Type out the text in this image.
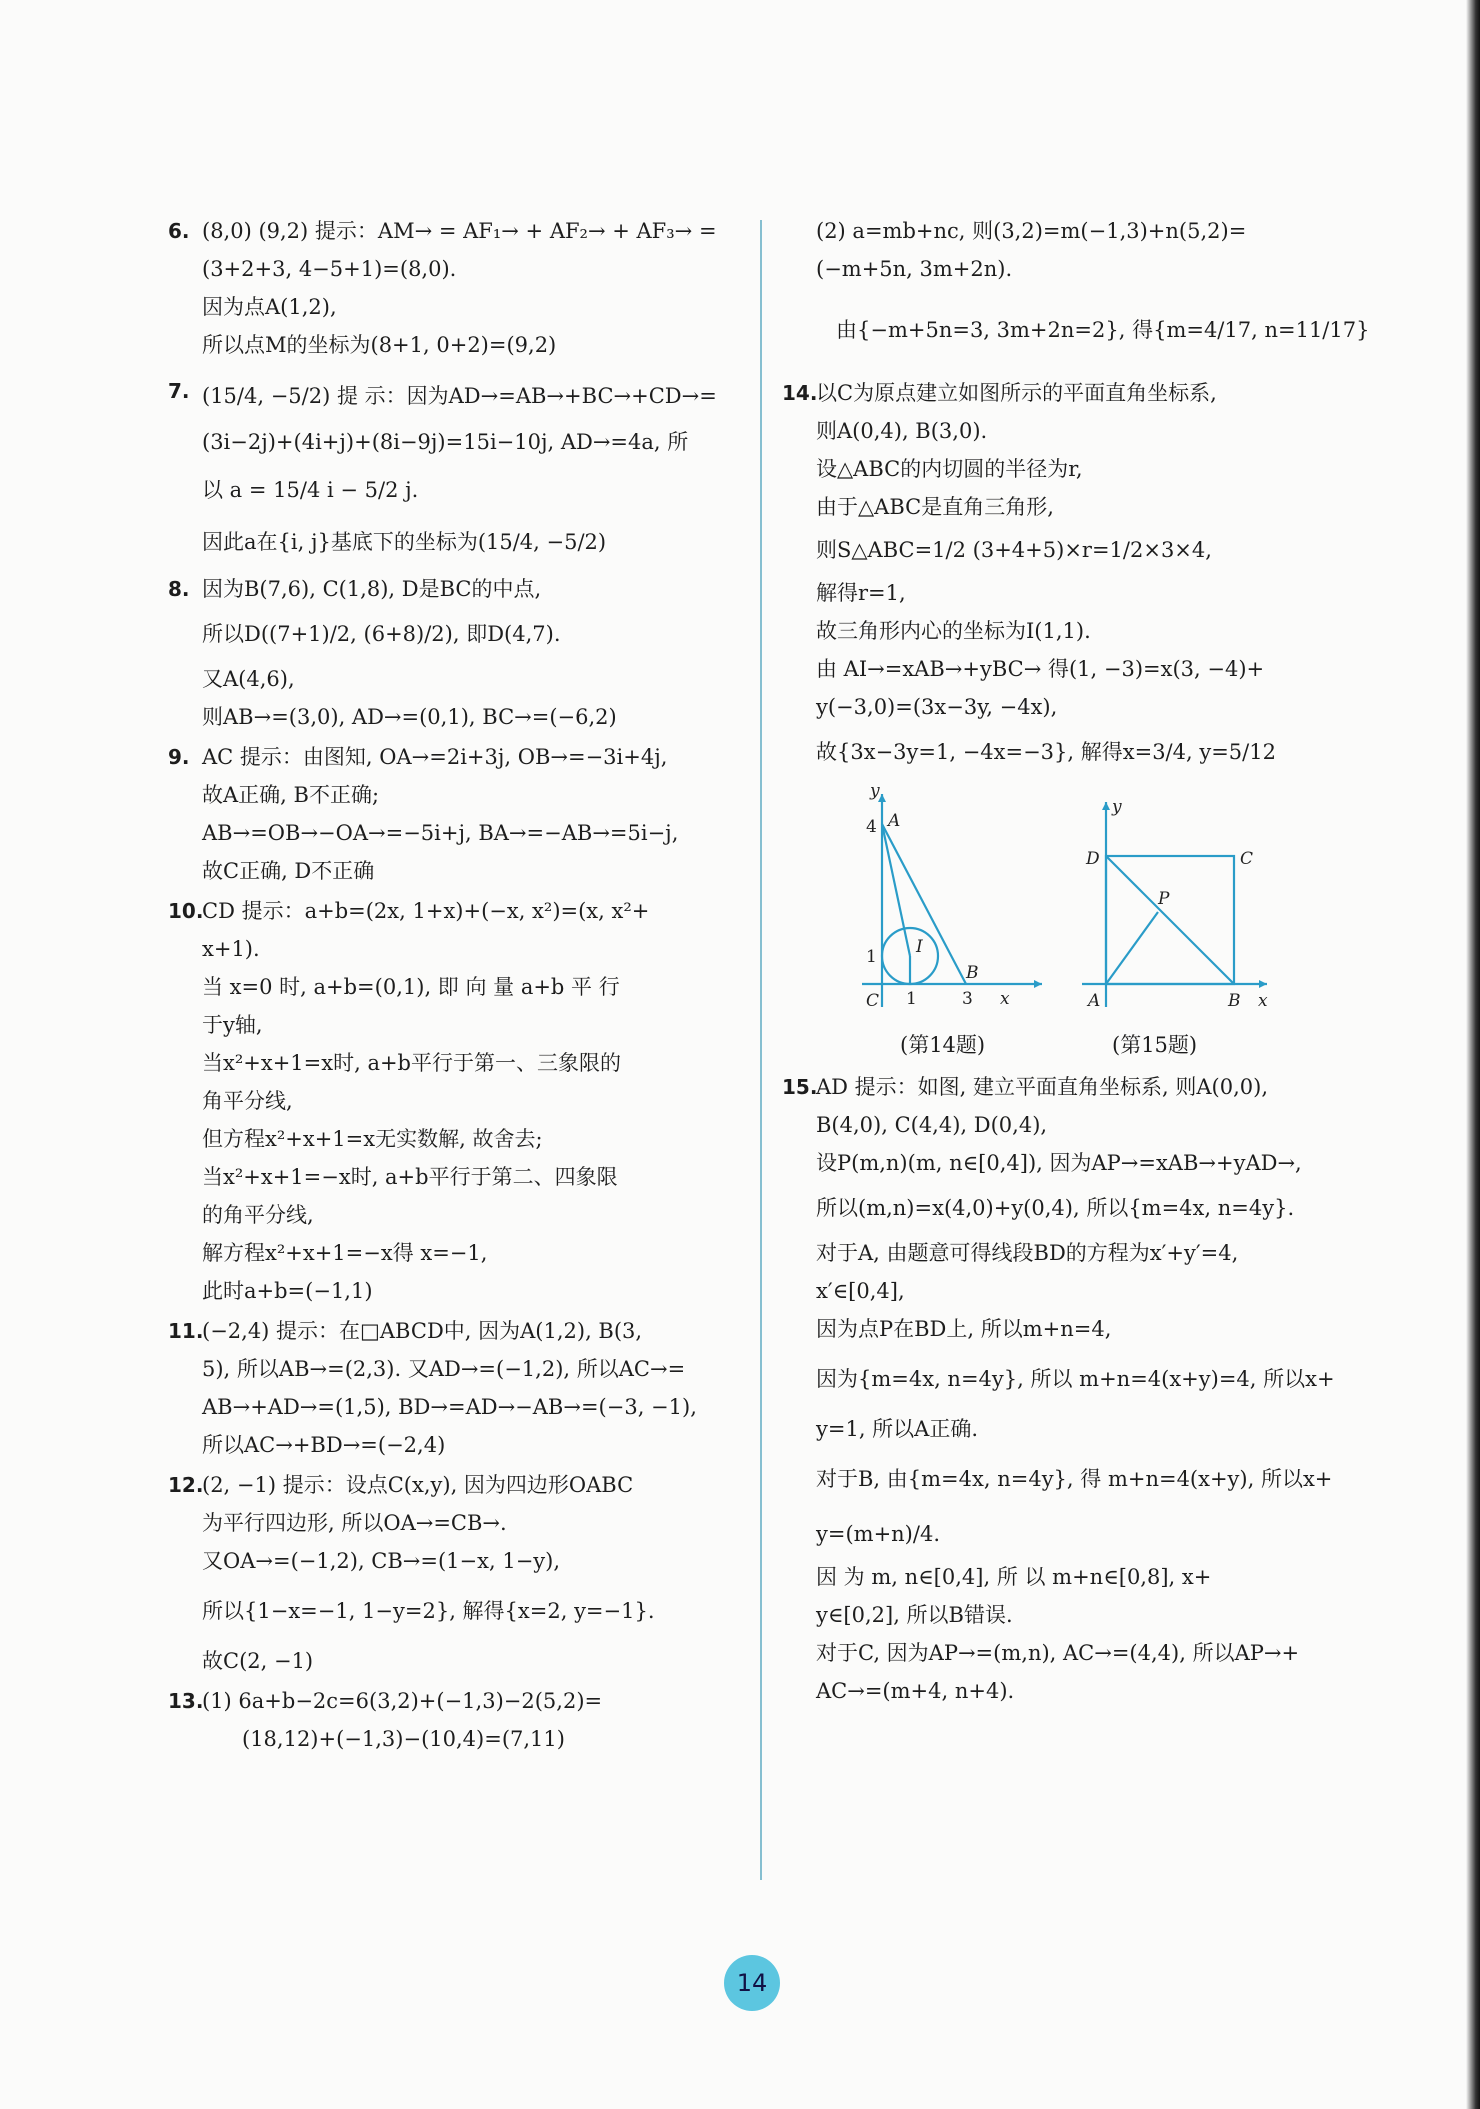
6. (8,0) (9,2) 提示：AM→ = AF₁→ + AF₂→ + AF₃→ =
(3+2+3, 4−5+1)=(8,0).
因为点A(1,2),
所以点M的坐标为(8+1, 0+2)=(9,2)
7. (15/4, −5/2) 提 示：因为AD→=AB→+BC→+CD→=
(3i−2j)+(4i+j)+(8i−9j)=15i−10j, AD→=4a, 所
以 a = 15/4 i − 5/2 j.
因此a在{i, j}基底下的坐标为(15/4, −5/2)
8. 因为B(7,6), C(1,8), D是BC的中点,
所以D((7+1)/2, (6+8)/2), 即D(4,7).
又A(4,6),
则AB→=(3,0), AD→=(0,1), BC→=(−6,2)
9. AC 提示：由图知, OA→=2i+3j, OB→=−3i+4j,
故A正确, B不正确;
AB→=OB→−OA→=−5i+j, BA→=−AB→=5i−j,
故C正确, D不正确
10.
CD 提示：a+b=(2x, 1+x)+(−x, x²)=(x, x²+
x+1).
当 x=0 时, a+b=(0,1), 即 向 量 a+b 平 行
于y轴,
当x²+x+1=x时, a+b平行于第一、三象限的
角平分线,
但方程x²+x+1=x无实数解, 故舍去;
当x²+x+1=−x时, a+b平行于第二、四象限
的角平分线,
解方程x²+x+1=−x得 x=−1,
此时a+b=(−1,1)
11.
(−2,4) 提示：在□ABCD中, 因为A(1,2), B(3,
5), 所以AB→=(2,3). 又AD→=(−1,2), 所以AC→=
AB→+AD→=(1,5), BD→=AD→−AB→=(−3, −1),
所以AC→+BD→=(−2,4)
12.
(2, −1) 提示：设点C(x,y), 因为四边形OABC
为平行四边形, 所以OA→=CB→.
又OA→=(−1,2), CB→=(1−x, 1−y),
所以{1−x=−1, 1−y=2}, 解得{x=2, y=−1}.
故C(2, −1)
13.
(1) 6a+b−2c=6(3,2)+(−1,3)−2(5,2)=
(18,12)+(−1,3)−(10,4)=(7,11)
(2) a=mb+nc, 则(3,2)=m(−1,3)+n(5,2)=
(−m+5n, 3m+2n).
由{−m+5n=3, 3m+2n=2}, 得{m=4/17, n=11/17}
14.
以C为原点建立如图所示的平面直角坐标系,
则A(0,4), B(3,0).
设△ABC的内切圆的半径为r,
由于△ABC是直角三角形,
则S△ABC=1/2 (3+4+5)×r=1/2×3×4,
解得r=1,
故三角形内心的坐标为I(1,1).
由 AI→=xAB→+yBC→ 得(1, −3)=x(3, −4)+
y(−3,0)=(3x−3y, −4x),
故{3x−3y=1, −4x=−3}, 解得x=3/4, y=5/12
y
A
4
1 I
C 1	3
B
x
y
D	C
P
A	B x
(第14题)	(第15题)
15.
AD 提示：如图, 建立平面直角坐标系, 则A(0,0),
B(4,0), C(4,4), D(0,4),
设P(m,n)(m, n∈[0,4]), 因为AP→=xAB→+yAD→,
所以(m,n)=x(4,0)+y(0,4), 所以{m=4x, n=4y}.
对于A, 由题意可得线段BD的方程为x′+y′=4,
x′∈[0,4],
因为点P在BD上, 所以m+n=4,
因为{m=4x, n=4y}, 所以 m+n=4(x+y)=4, 所以x+
y=1, 所以A正确.
对于B, 由{m=4x, n=4y}, 得 m+n=4(x+y), 所以x+
y=(m+n)/4.
因 为 m, n∈[0,4], 所 以 m+n∈[0,8], x+
y∈[0,2], 所以B错误.
对于C, 因为AP→=(m,n), AC→=(4,4), 所以AP→+
AC→=(m+4, n+4).
14
